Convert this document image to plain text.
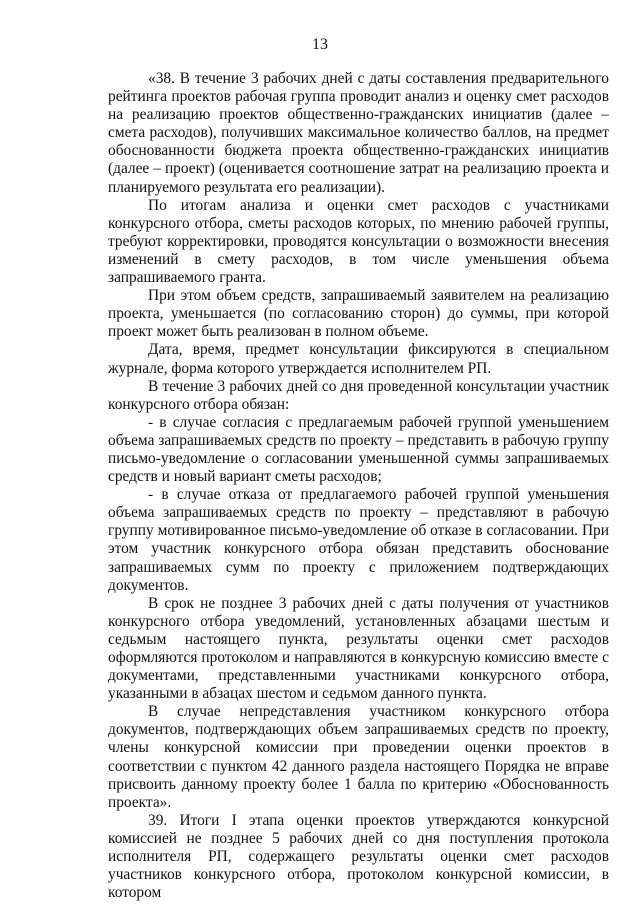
13

«38. В течение 3 рабочих дней с даты составления предварительного рейтинга проектов рабочая группа проводит анализ и оценку смет расходов на реализацию проектов общественно-гражданских инициатив (далее – смета расходов), получивших максимальное количество баллов, на предмет обоснованности бюджета проекта общественно-гражданских инициатив (далее – проект) (оценивается соотношение затрат на реализацию проекта и планируемого результата его реализации).

По итогам анализа и оценки смет расходов с участниками конкурсного отбора, сметы расходов которых, по мнению рабочей группы, требуют корректировки, проводятся консультации о возможности внесения изменений в смету расходов, в том числе уменьшения объема запрашиваемого гранта.

При этом объем средств, запрашиваемый заявителем на реализацию проекта, уменьшается (по согласованию сторон) до суммы, при которой проект может быть реализован в полном объеме.

Дата, время, предмет консультации фиксируются в специальном журнале, форма которого утверждается исполнителем РП.

В течение 3 рабочих дней со дня проведенной консультации участник конкурсного отбора обязан:

- в случае согласия с предлагаемым рабочей группой уменьшением объема запрашиваемых средств по проекту – представить в рабочую группу письмо-уведомление о согласовании уменьшенной суммы запрашиваемых средств и новый вариант сметы расходов;

- в случае отказа от предлагаемого рабочей группой уменьшения объема запрашиваемых средств по проекту – представляют в рабочую группу мотивированное письмо-уведомление об отказе в согласовании. При этом участник конкурсного отбора обязан представить обоснование запрашиваемых сумм по проекту с приложением подтверждающих документов.

В срок не позднее 3 рабочих дней с даты получения от участников конкурсного отбора уведомлений, установленных абзацами шестым и седьмым настоящего пункта, результаты оценки смет расходов оформляются протоколом и направляются в конкурсную комиссию вместе с документами, представленными участниками конкурсного отбора, указанными в абзацах шестом и седьмом данного пункта.

В случае непредставления участником конкурсного отбора документов, подтверждающих объем запрашиваемых средств по проекту, члены конкурсной комиссии при проведении оценки проектов в соответствии с пунктом 42 данного раздела настоящего Порядка не вправе присвоить данному проекту более 1 балла по критерию «Обоснованность проекта».

39. Итоги I этапа оценки проектов утверждаются конкурсной комиссией не позднее 5 рабочих дней со дня поступления протокола исполнителя РП, содержащего результаты оценки смет расходов участников конкурсного отбора, протоколом конкурсной комиссии, в котором
